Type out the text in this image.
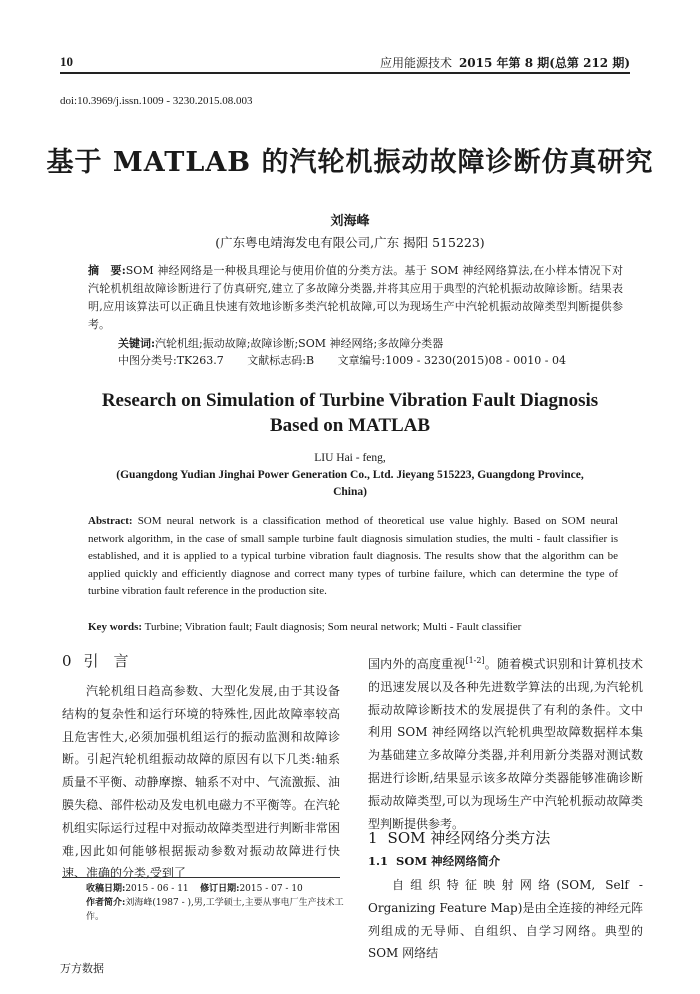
10	应用能源技术 2015 年第 8 期(总第 212 期)
doi:10.3969/j.issn.1009 - 3230.2015.08.003
基于 MATLAB 的汽轮机振动故障诊断仿真研究
刘海峰
(广东粤电靖海发电有限公司,广东 揭阳 515223)
摘　要:SOM 神经网络是一种极具理论与使用价值的分类方法。基于 SOM 神经网络算法,在小样本情况下对汽轮机机组故障诊断进行了仿真研究,建立了多故障分类器,并将其应用于典型的汽轮机振动故障诊断。结果表明,应用该算法可以正确且快速有效地诊断多类汽轮机故障,可以为现场生产中汽轮机振动故障类型判断提供参考。
关键词:汽轮机组;振动故障;故障诊断;SOM 神经网络;多故障分类器
中图分类号:TK263.7 文献标志码:B 文章编号:1009 - 3230(2015)08 - 0010 - 04
Research on Simulation of Turbine Vibration Fault Diagnosis
Based on MATLAB
LIU Hai - feng,
(Guangdong Yudian Jinghai Power Generation Co., Ltd. Jieyang 515223, Guangdong Province, China)
Abstract: SOM neural network is a classification method of theoretical use value highly. Based on SOM neural network algorithm, in the case of small sample turbine fault diagnosis simulation studies, the multi - fault classifier is established, and it is applied to a typical turbine vibration fault diagnosis. The results show that the algorithm can be applied quickly and efficiently diagnose and correct many types of turbine failure, which can determine the type of turbine vibration fault reference in the production site.
Key words: Turbine; Vibration fault; Fault diagnosis; Som neural network; Multi - Fault classifier
0 引　言

汽轮机组日趋高参数、大型化发展,由于其设备结构的复杂性和运行环境的特殊性,因此故障率较高且危害性大,必须加强机组运行的振动监测和故障诊断。引起汽轮机组振动故障的原因有以下几类:轴系质量不平衡、动静摩擦、轴系不对中、气流激振、油膜失稳、部件松动及发电机电磁力不平衡等。在汽轮机组实际运行过程中对振动故障类型进行判断非常困难,因此如何能够根据振动参数对振动故障进行快速、准确的分类,受到了

收稿日期:2015 - 06 - 11 修订日期:2015 - 07 - 10
作者简介:刘海峰(1987 - ),男,工学硕士,主要从事电厂生产技术工作。

国内外的高度重视[1-2]。随着模式识别和计算机技术的迅速发展以及各种先进数学算法的出现,为汽轮机振动故障诊断技术的发展提供了有利的条件。文中利用 SOM 神经网络以汽轮机典型故障数据样本集为基础建立多故障分类器,并利用新分类器对测试数据进行诊断,结果显示该多故障分类器能够准确诊断振动故障类型,可以为现场生产中汽轮机振动故障类型判断提供参考。

1 SOM 神经网络分类方法
1.1 SOM 神经网络简介

自组织特征映射网络(SOM, Self - Organizing Feature Map)是由全连接的神经元阵列组成的无导师、自组织、自学习网络。典型的 SOM 网络结

万方数据
